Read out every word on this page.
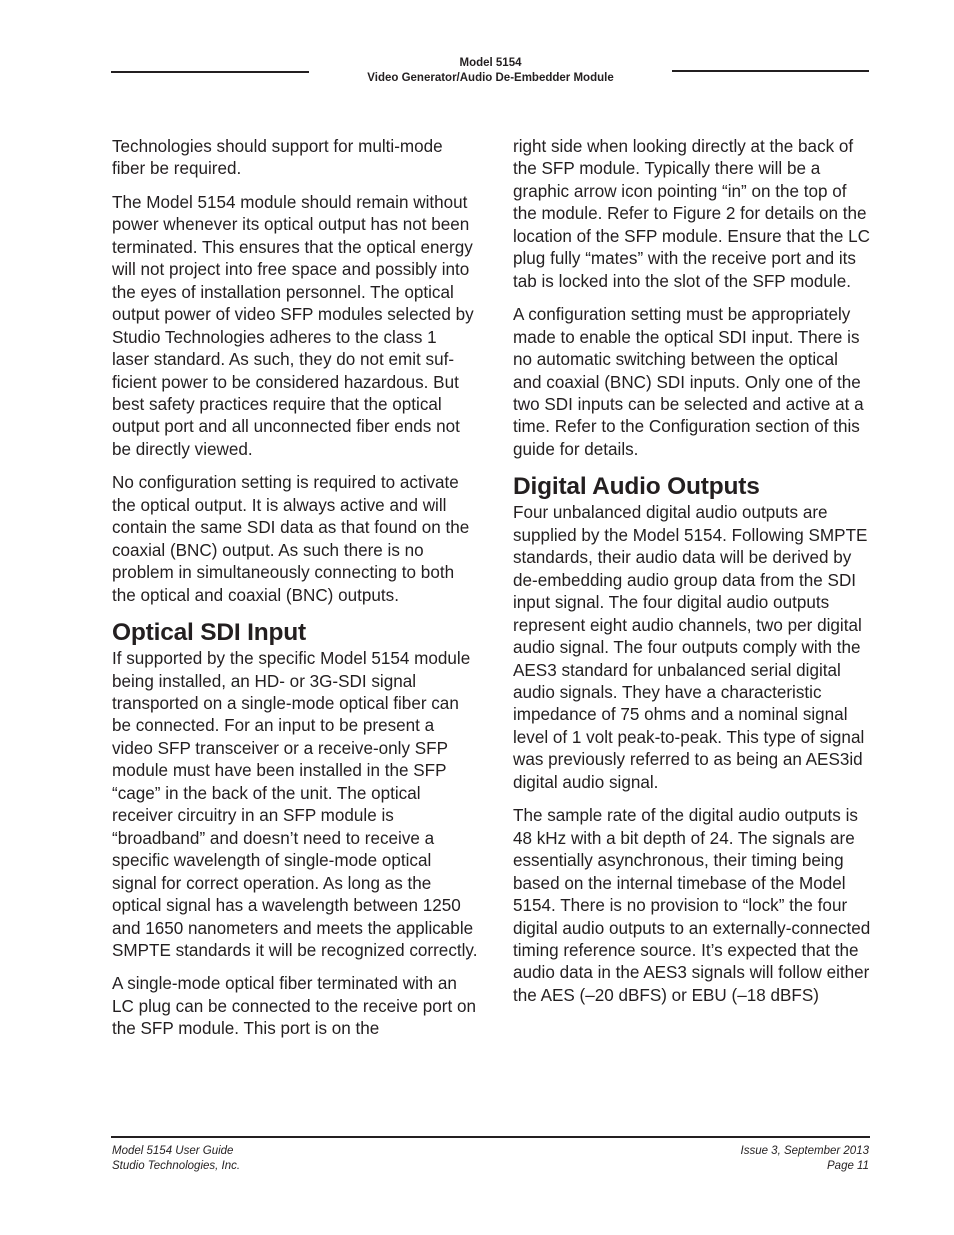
Model 5154
Video Generator/Audio De-Embedder Module

Technologies should support for multi-mode fiber be required.

The Model 5154 module should remain without power whenever its optical output has not been terminated. This ensures that the optical energy will not project into free space and possibly into the eyes of installation personnel. The optical output power of video SFP modules selected by Studio Technologies adheres to the class 1 laser standard. As such, they do not emit sufficient power to be considered hazardous. But best safety practices require that the optical output port and all unconnected fiber ends not be directly viewed.

No configuration setting is required to activate the optical output. It is always active and will contain the same SDI data as that found on the coaxial (BNC) output. As such there is no problem in simultaneously connecting to both the optical and coaxial (BNC) outputs.

Optical SDI Input

If supported by the specific Model 5154 module being installed, an HD- or 3G-SDI signal transported on a single-mode optical fiber can be connected. For an input to be present a video SFP transceiver or a receive-only SFP module must have been installed in the SFP “cage” in the back of the unit. The optical receiver circuitry in an SFP module is “broadband” and doesn’t need to receive a specific wavelength of single-mode optical signal for correct operation. As long as the optical signal has a wavelength between 1250 and 1650 nanometers and meets the applicable SMPTE standards it will be recognized correctly.

A single-mode optical fiber terminated with an LC plug can be connected to the receive port on the SFP module. This port is on the

right side when looking directly at the back of the SFP module. Typically there will be a graphic arrow icon pointing “in” on the top of the module. Refer to Figure 2 for details on the location of the SFP module. Ensure that the LC plug fully “mates” with the receive port and its tab is locked into the slot of the SFP module.

A configuration setting must be appropriately made to enable the optical SDI input. There is no automatic switching between the optical and coaxial (BNC) SDI inputs. Only one of the two SDI inputs can be selected and active at a time. Refer to the Configuration section of this guide for details.

Digital Audio Outputs

Four unbalanced digital audio outputs are supplied by the Model 5154. Following SMPTE standards, their audio data will be derived by de-embedding audio group data from the SDI input signal. The four digital audio outputs represent eight audio channels, two per digital audio signal. The four outputs comply with the AES3 standard for unbalanced serial digital audio signals. They have a characteristic impedance of 75 ohms and a nominal signal level of 1 volt peak-to-peak. This type of signal was previously referred to as being an AES3id digital audio signal.

The sample rate of the digital audio outputs is 48 kHz with a bit depth of 24. The signals are essentially asynchronous, their timing being based on the internal timebase of the Model 5154. There is no provision to “lock” the four digital audio outputs to an externally-connected timing reference source. It’s expected that the audio data in the AES3 signals will follow either the AES (–20 dBFS) or EBU (–18 dBFS)

Model 5154 User Guide
Studio Technologies, Inc.
Issue 3, September 2013
Page 11
